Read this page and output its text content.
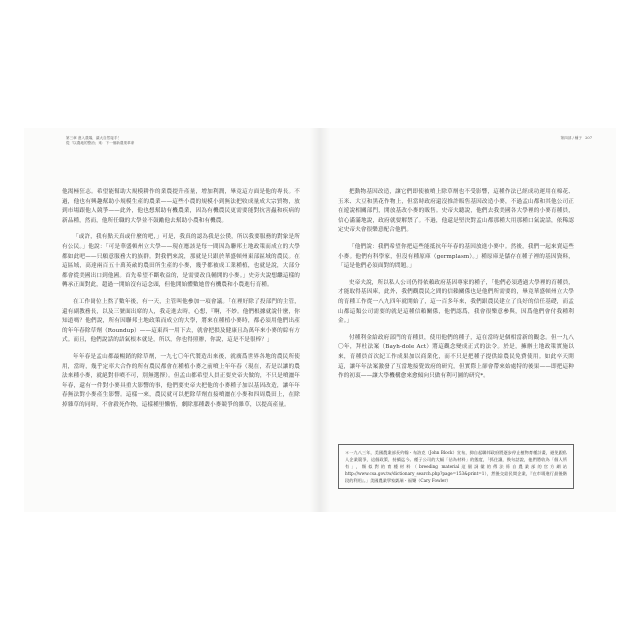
第三章 進入農場，讓大自然接手！
從「以農地的整治」來：下一個新農業革命

他渴極狂志。希望能幫助大規模耕作的業農提升產量，增加利潤，畢竟這方面是他的專長。不過，他也有興趣幫助小規模生產的農業——這些小農的規模小到無法把收成量成大宗貿物，放到市場跟他人競爭——此外，他也想幫助有機農業，因為有機農民更需要能對抗害蟲和疾病的新品種，然而，他所任職的大學並不鼓勵他去幫助小農和有機農。

「或許，我有點天真或什麼的吧，」可是，我真的認為我是公僕，所以我要服務的對象是所有公民。」他說：「可是華盛頓州立大學——現在應該是每一間因為聯邦土地政策而成立的大學都如此吧——只願意服務大的族群。對我們來說，那就是只跟於華盛頓州東部區域的農民。在這區域，高達兩百五十萬英畝的農田所生產的小麥，幾乎都被成工業種植，也就是說，大部分都會從美國出口到他國。首先希望不斷收益的，是需要改良輔開的小麥。」史旁夫說想繼這樣的轉承正面對此，超過一開始沒有這念頭，但他開始體數她曾有機農和小農進行育種。

在工作崗位上熬了數年後，有一天，主管叫他參加一項會議。「在裡好除了投部門的主管，還有副教務長，以及三號面出席的人，我走進去時，心想，『啊，不妙。他們根據就說什麼，你知道嗎？他們說，所有因聯邦土地政策而成立的大學，將來在種植小麥時，都必須用他們出產的年年春除草劑（Roundup）——這東西一用下去，就會把損及健康且為萬年來小麥的綜有方式。而且，他們說話的語氣根本就是，所以，你也得照辦，你說，這是不是很棒？」

年年春是孟山都最暢銷的除草劑，一九七〇年代製造出來後，就廣爲世界各地的農民所使用，當時，幾乎定率大合作的所有農民都會在種植小麥之前噴上年年春（現在，若是以讓的農法來種小麥，就絕對非噴不可，別無選擇）。但孟山都希望人員正要史帝夫做的，不只是噴灑年年春，還有一件對小麥具重大影響的事，他們要史帝夫把他的小麥種子加以基因改造，讓年年春無法對小麥產生影響。這樣一來，農民就可以把除草劑直接噴灑在小麥和四周農田上，在除掉雜草的同時，不會殺死作物，這樣種里懶惰，劇除那種叢小麥競爭的雜草，以提高產量。

第四部 / 種子 207

把動物基因改造，讓它們即使被噴上除草劑也不受影響，這種作法已經成功運用在棉花、玉米、大豆和黑花作物上，但當時政府還沒推許販售基因改造小麥，不過孟山都和其他公司正在遊說相關部門，開放基改小麥的販售。史帝夫聽說，他們去我美國各大學裡的小麥育種員，信心滿滿地說，政府就要解禁了。不過，他還是堅決對孟山都那種大用那種口氣說話，依稀認定史帝夫會很樂意配合他們。

「他們說：我們希望你把這些能抵抗年年春的基因放進小麥中。然後，我們一起來賣這些小麥。他們有科學家，但沒有種原庫（germplasm）。」種原庫是儲存在種子裡的基因資料，「這是他們必須面對的問題。」

史帝夫說，所以私人公司仍得依賴政府基因專家的種子，「他們必須透過大學裡的育種員，才能取得基因庫，此外，我們觀農民之間的信賴關係也是他們所需要的，畢竟華盛頓州立大學的育種工作從一八九四年就開始了，這一百多年來，我們跟農民建立了良好的信任基礎，而孟山都這類公司需要的就是這種信賴關係，他們認爲，我會很樂意參與，因爲他們會付我種利金。」

付種利金給政府部門的育種員，使用他們的種子，這在當時是個相當新的觀念。但一九八〇年，拜杜法案（Bayh-dole Act）將這觀念變成正式的法令。於是，擁辦土地政策實施以來，育種員首次紀工作成果加以商業化，而不只是把種子提供給農民免費使用。如此卒天開這，讓年年法案激發了互當地接覺效府的研究，但實際上卻會帶來始處特的後果——即把這种作的初衷——讓大學機構愈來愈傾向只做有利可圖的研究*。

＊一九八三年，美國農業部長約翰・布洛克（John Block）宣布，抑自起聯邦政府將逐步停止植物育種計畫，避免跟私人企業競爭，這個政策，持續迄今。種子公司的大幅「佔為材料」的態度，「抓住讓，換句話說，他們將收為「個人所有」，類似對的育種材料（breeding material這個詞彙的傳法係自農業部的官方網站http://www.csa.gov.tw/dictionary_search.php?page=153&print=1），然後交給民間企業，『在市場進行最後階段的利用』。」美國農業學家凱瑞・福樂（Cary Fowler）
